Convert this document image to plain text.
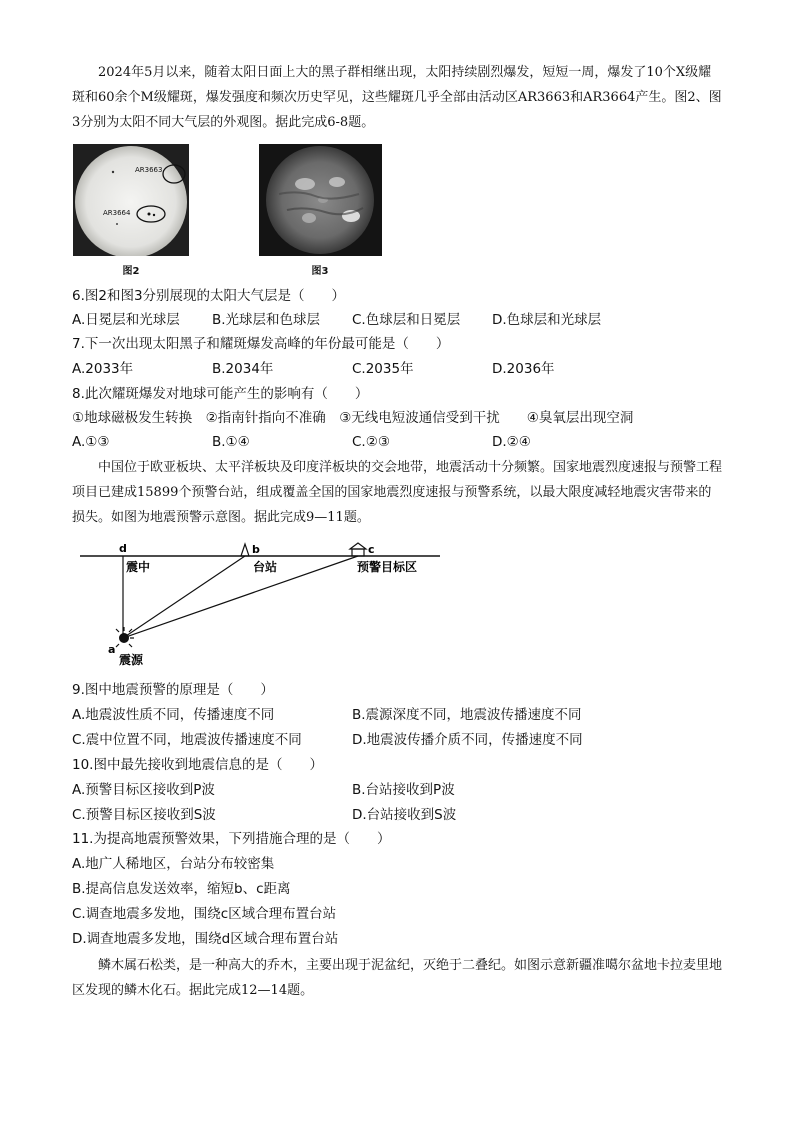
2024年5月以来，随着太阳日面上大的黑子群相继出现，太阳持续剧烈爆发，短短一周，爆发了10个X级耀斑和60余个M级耀斑，爆发强度和频次历史罕见，这些耀斑几乎全部由活动区AR3663和AR3664产生。图2、图3分别为太阳不同大气层的外观图。据此完成6-8题。

AR3663
AR3664
图2	图3

6.图2和图3分别展现的太阳大气层是（　　）

A.日冕层和光球层 B.光球层和色球层 C.色球层和日冕层 D.色球层和光球层

7.下一次出现太阳黑子和耀斑爆发高峰的年份最可能是（　　）

A.2033年	B.2034年	C.2035年	D.2036年

8.此次耀斑爆发对地球可能产生的影响有（　　）

①地球磁极发生转换　②指南针指向不准确　③无线电短波通信受到干扰　　④臭氧层出现空洞

A.①③	B.①④	C.②③	D.②④

中国位于欧亚板块、太平洋板块及印度洋板块的交会地带，地震活动十分频繁。国家地震烈度速报与预警工程项目已建成15899个预警台站，组成覆盖全国的国家地震烈度速报与预警系统，以最大限度减轻地震灾害带来的损失。如图为地震预警示意图。据此完成9—11题。

d
震中
b
台站
c
预警目标区
a
震源

9.图中地震预警的原理是（　　）

A.地震波性质不同，传播速度不同	B.震源深度不同，地震波传播速度不同
C.震中位置不同，地震波传播速度不同	D.地震波传播介质不同，传播速度不同

10.图中最先接收到地震信息的是（　　）

A.预警目标区接收到P波	B.台站接收到P波
C.预警目标区接收到S波	D.台站接收到S波

11.为提高地震预警效果，下列措施合理的是（　　）

A.地广人稀地区，台站分布较密集
B.提高信息发送效率，缩短b、c距离
C.调查地震多发地，围绕c区域合理布置台站
D.调查地震多发地，围绕d区域合理布置台站

鳞木属石松类，是一种高大的乔木，主要出现于泥盆纪，灭绝于二叠纪。如图示意新疆准噶尔盆地卡拉麦里地区发现的鳞木化石。据此完成12—14题。
